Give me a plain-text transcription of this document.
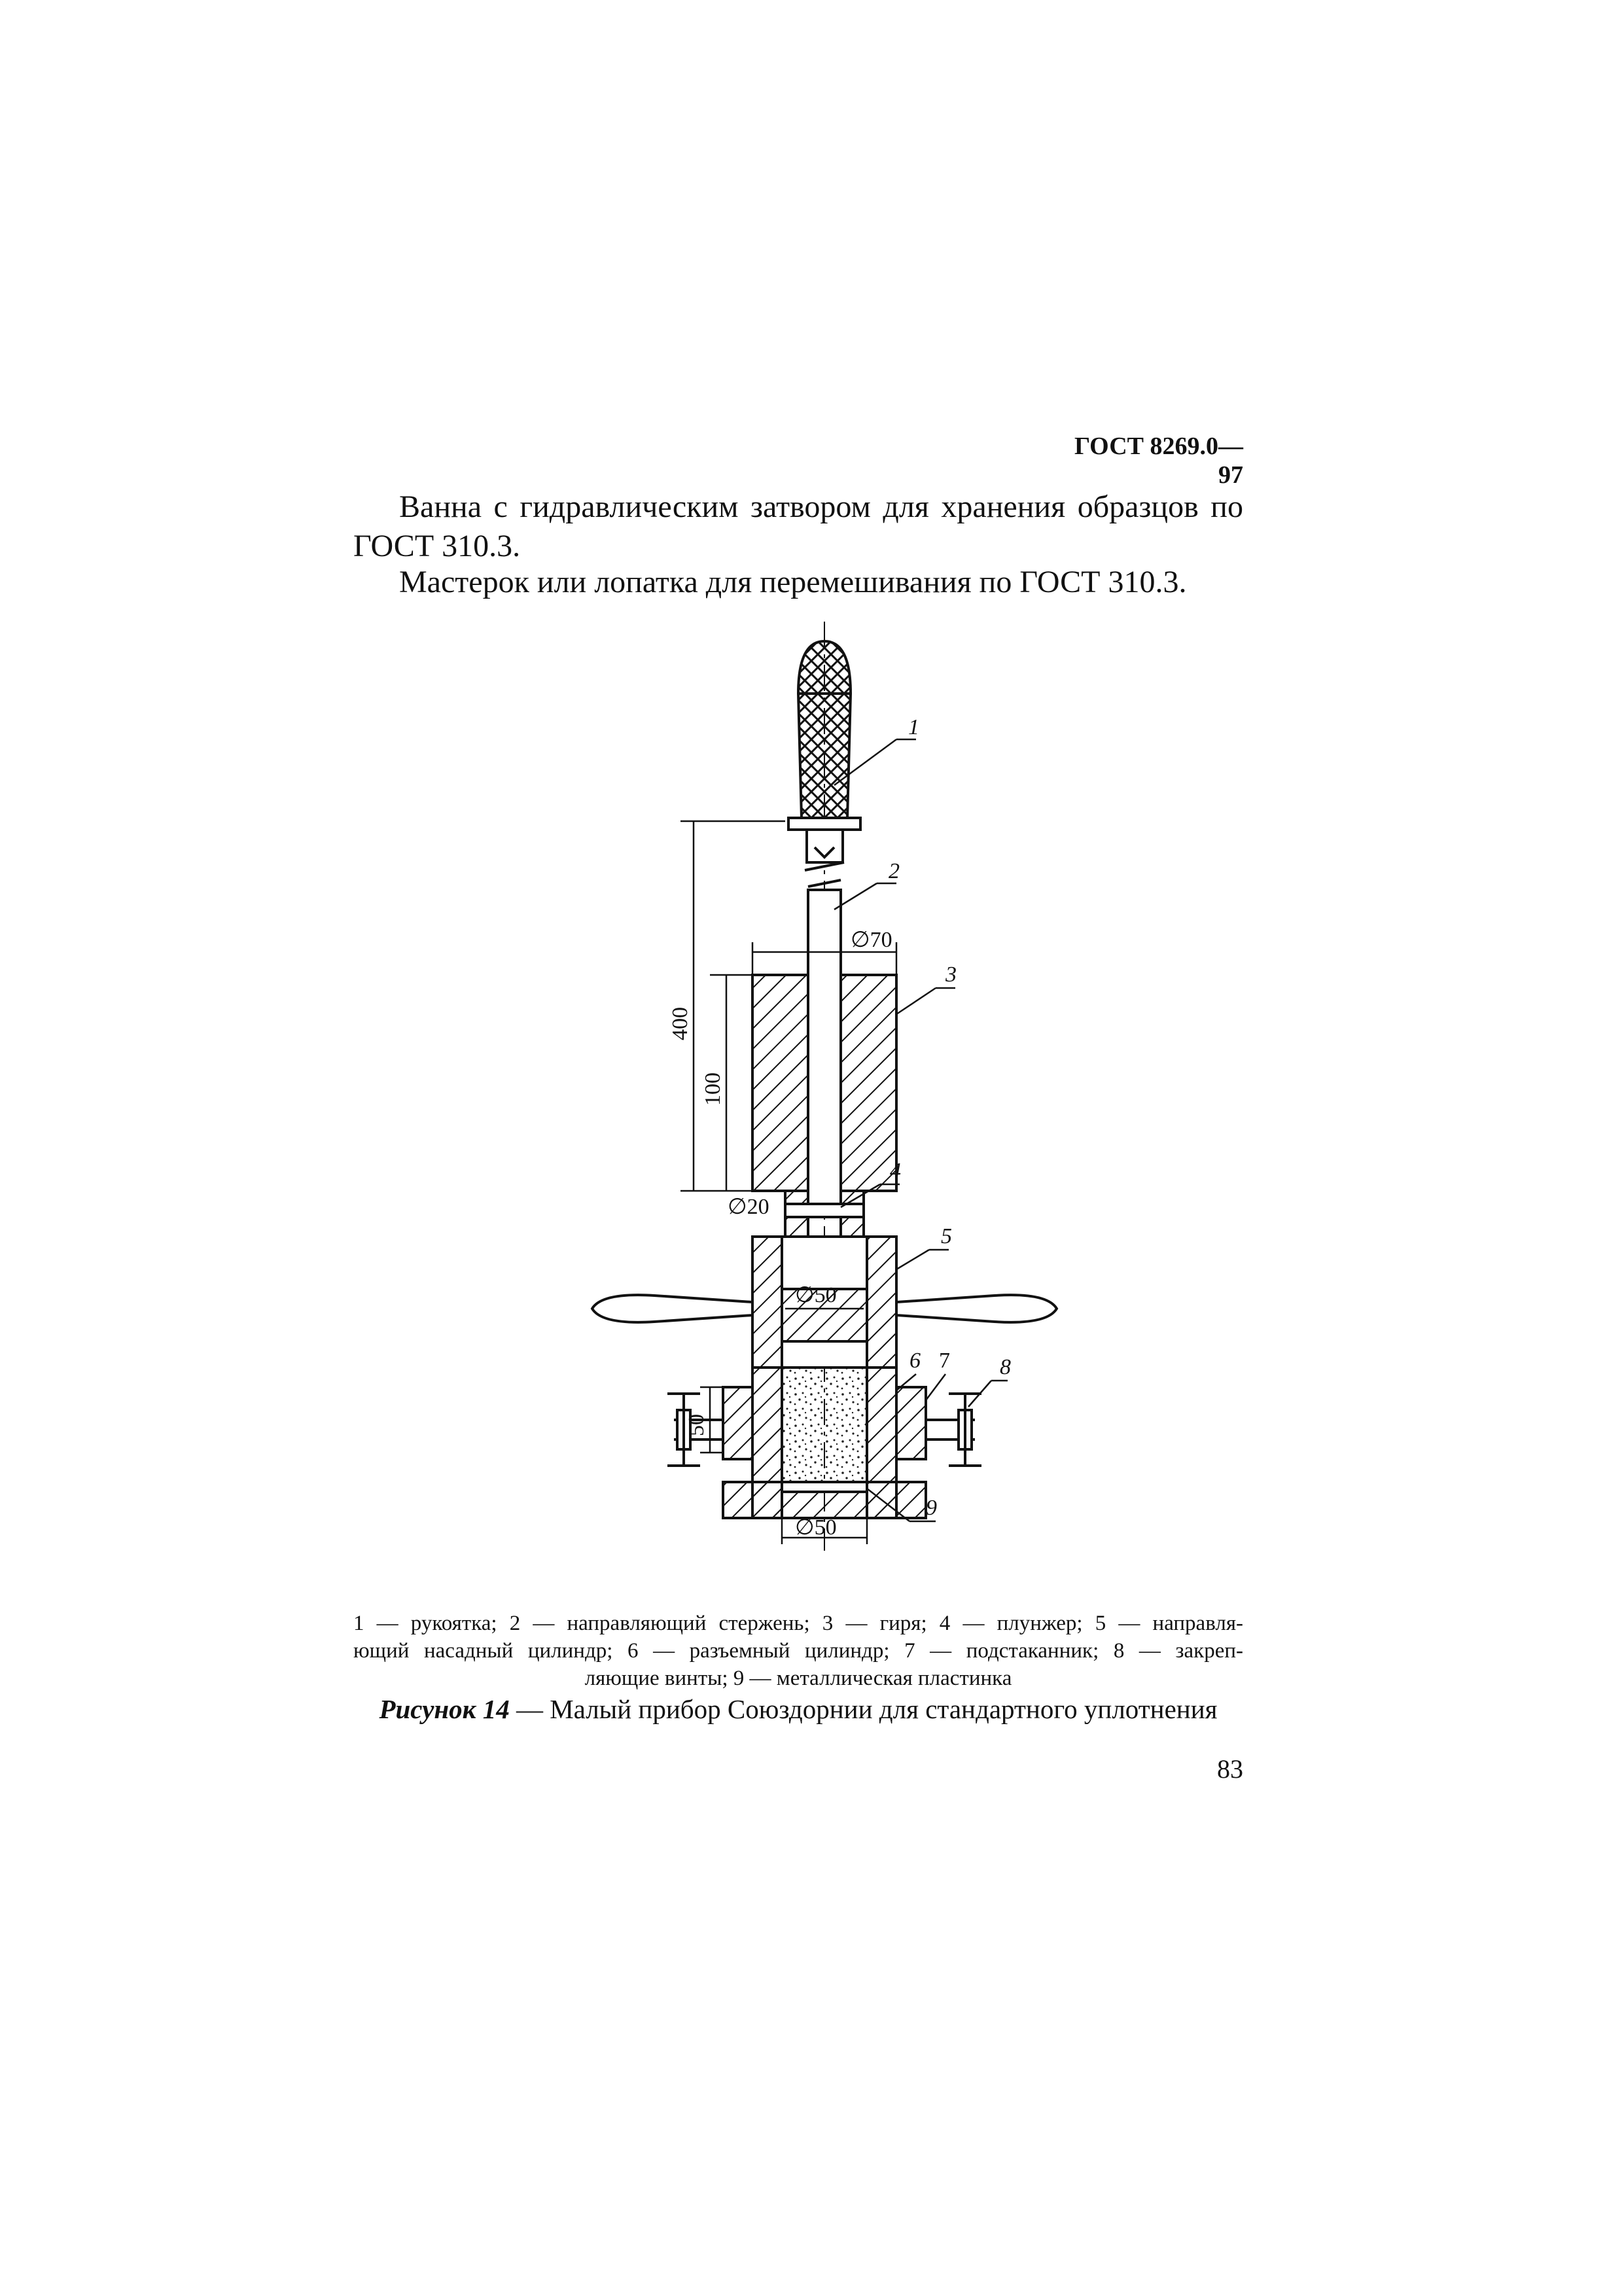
ГОСТ 8269.0—97
Ванна с гидравлическим затвором для хранения образцов по
ГОСТ 310.3.
Мастерок или лопатка для перемешивания по ГОСТ 310.3.
1
2
3
4
5
6 7 8
9
∅70
400
100
∅20
∅50
50
∅50
1 — рукоятка; 2 — направляющий стержень; 3 — гиря; 4 — плунжер; 5 — направля-
ющий насадный цилиндр; 6 — разъемный цилиндр; 7 — подстаканник; 8 — закреп-
ляющие винты; 9 — металлическая пластинка
Рисунок 14 — Малый прибор Союздорнии для стандартного уплотнения
83
